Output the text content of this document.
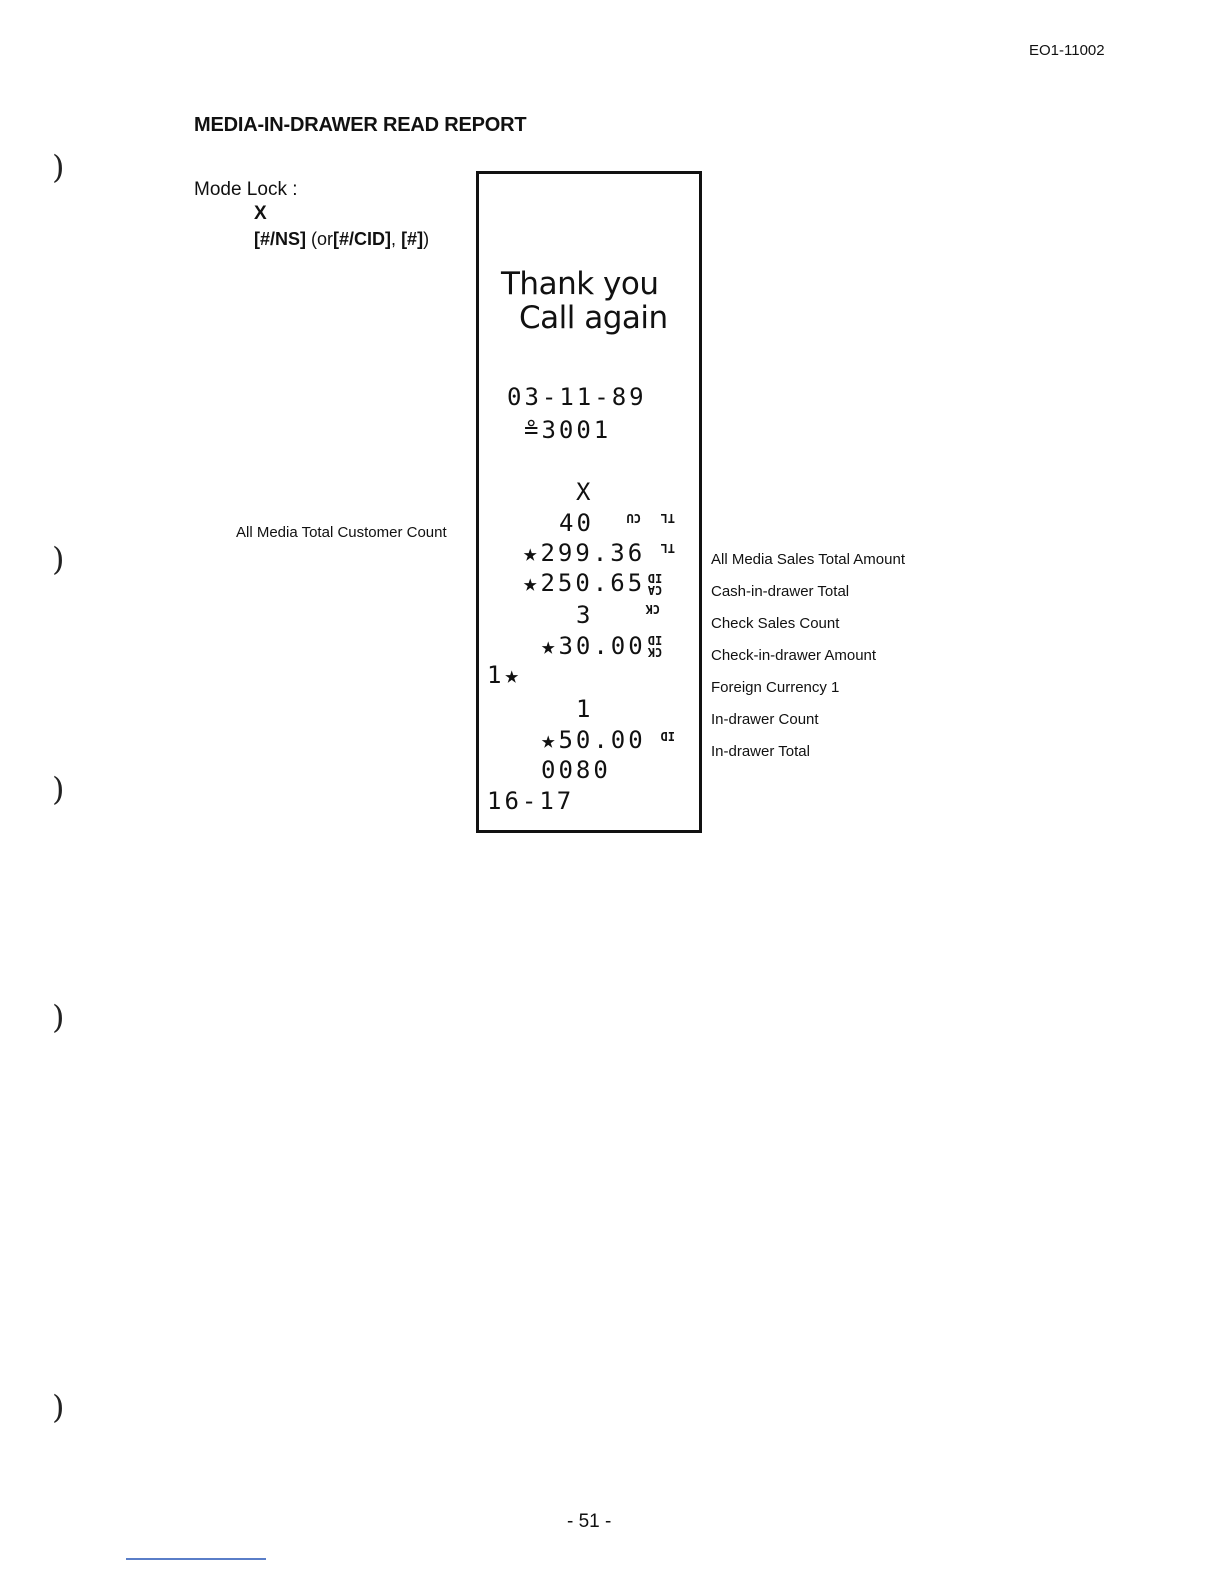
EO1-11002
MEDIA-IN-DRAWER READ REPORT
Mode Lock :
X
[#/NS] (or[#/CID], [#])
)
)
)
)
)
All Media Total Customer Count
Thank you
Call again
03-11-89
≗3001
X
40	CU
★299.36
TL
TL
★250.65 CA ID
3	CK
★30.00 CK ID
1★
1
★50.00 ID
0080
16-17
All Media Sales Total Amount
Cash-in-drawer Total
Check Sales Count
Check-in-drawer Amount
Foreign Currency 1
In-drawer Count
In-drawer Total
- 51 -
